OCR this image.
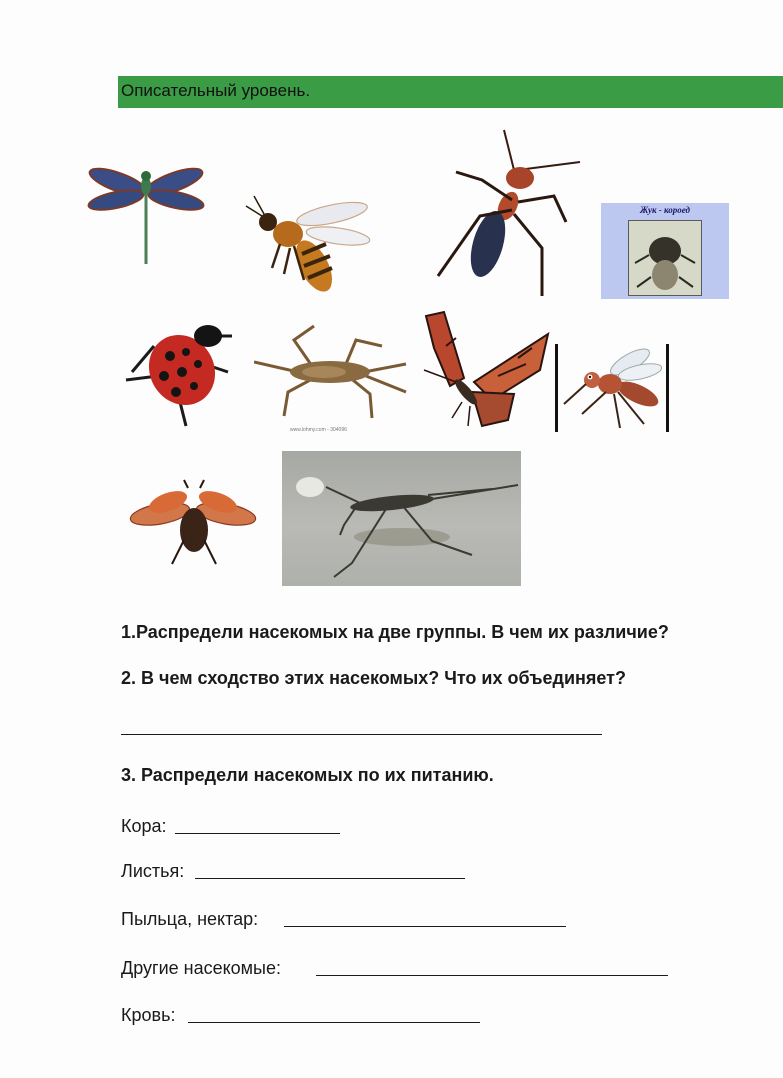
Описательный уровень.
Жук - короед
www.lohmy.com - 304096
1.Распредели насекомых на две группы. В чем их различие?
2. В чем сходство этих насекомых? Что их объединяет?
3. Распредели насекомых по их питанию.
Кора:
Листья:
Пыльца, нектар:
Другие насекомые:
Кровь:
